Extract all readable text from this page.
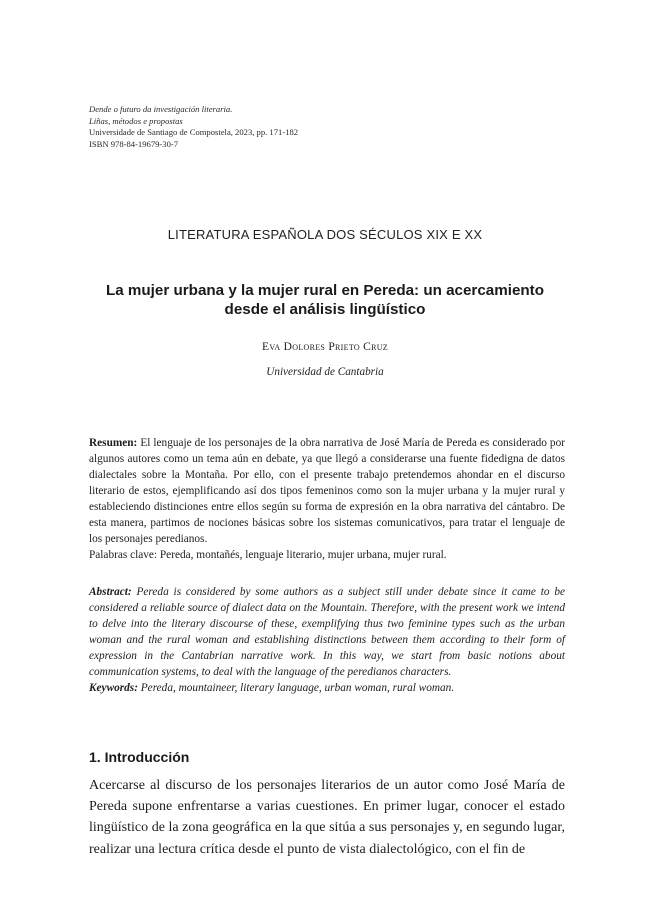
Dende o futuro da investigación literaria.
Liñas, métodos e propostas
Universidade de Santiago de Compostela, 2023, pp. 171-182
ISBN 978-84-19679-30-7
LITERATURA ESPAÑOLA DOS SÉCULOS XIX E XX
La mujer urbana y la mujer rural en Pereda: un acercamiento desde el análisis lingüístico
Eva Dolores Prieto Cruz
Universidad de Cantabria

Resumen: El lenguaje de los personajes de la obra narrativa de José María de Pereda es considerado por algunos autores como un tema aún en debate, ya que llegó a considerarse una fuente fidedigna de datos dialectales sobre la Montaña. Por ello, con el presente trabajo pretendemos ahondar en el discurso literario de estos, ejemplificando así dos tipos femeninos como son la mujer urbana y la mujer rural y estableciendo distinciones entre ellos según su forma de expresión en la obra narrativa del cántabro. De esta manera, partimos de nociones básicas sobre los sistemas comunicativos, para tratar el lenguaje de los personajes peredianos.

Palabras clave: Pereda, montañés, lenguaje literario, mujer urbana, mujer rural.

Abstract: Pereda is considered by some authors as a subject still under debate since it came to be considered a reliable source of dialect data on the Mountain. Therefore, with the present work we intend to delve into the literary discourse of these, exemplifying thus two feminine types such as the urban woman and the rural woman and establishing distinctions between them according to their form of expression in the Cantabrian narrative work. In this way, we start from basic notions about communication systems, to deal with the language of the peredianos characters.

Keywords: Pereda, mountaineer, literary language, urban woman, rural woman.

1. Introducción

Acercarse al discurso de los personajes literarios de un autor como José María de Pereda supone enfrentarse a varias cuestiones. En primer lugar, conocer el estado lingüístico de la zona geográfica en la que sitúa a sus personajes y, en segundo lugar, realizar una lectura crítica desde el punto de vista dialectológico, con el fin de
